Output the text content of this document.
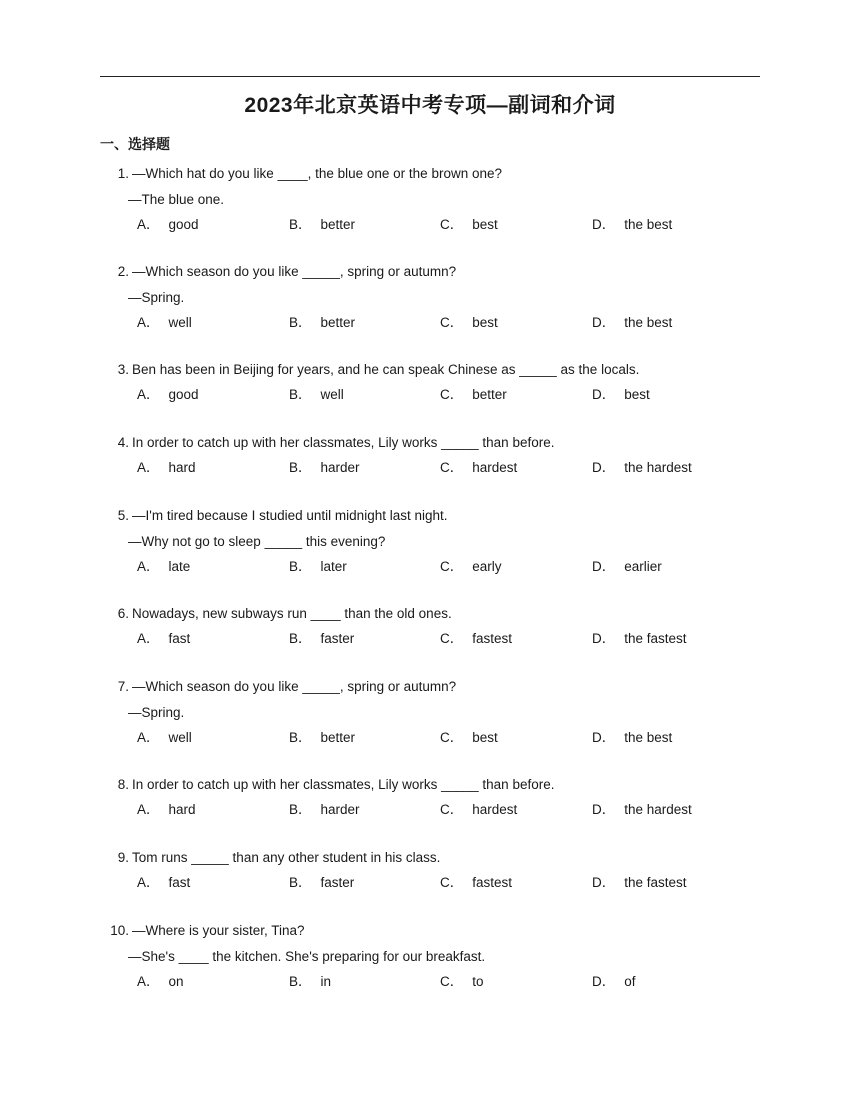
2023年北京英语中考专项—副词和介词
一、选择题
1. —Which hat do you like ____, the blue one or the brown one?
—The blue one.
A． good	B． better	C． best	D． the best
2. —Which season do you like _____, spring or autumn?
—Spring.
A． well	B． better	C． best	D． the best
3. Ben has been in Beijing for years, and he can speak Chinese as _____ as the locals.
A． good	B． well	C． better	D． best
4. In order to catch up with her classmates, Lily works _____ than before.
A． hard	B． harder	C． hardest	D． the hardest
5. —I'm tired because I studied until midnight last night.
—Why not go to sleep _____ this evening?
A． late	B． later	C． early	D． earlier
6. Nowadays, new subways run ____ than the old ones.
A． fast	B． faster	C． fastest	D． the fastest
7. —Which season do you like _____, spring or autumn?
—Spring.
A． well	B． better	C． best	D． the best
8. In order to catch up with her classmates, Lily works _____ than before.
A． hard	B． harder	C． hardest	D． the hardest
9. Tom runs _____ than any other student in his class.
A． fast	B． faster	C． fastest	D． the fastest
10. —Where is your sister, Tina?
—She's ____ the kitchen. She's preparing for our breakfast.
A． on	B． in	C． to	D． of
